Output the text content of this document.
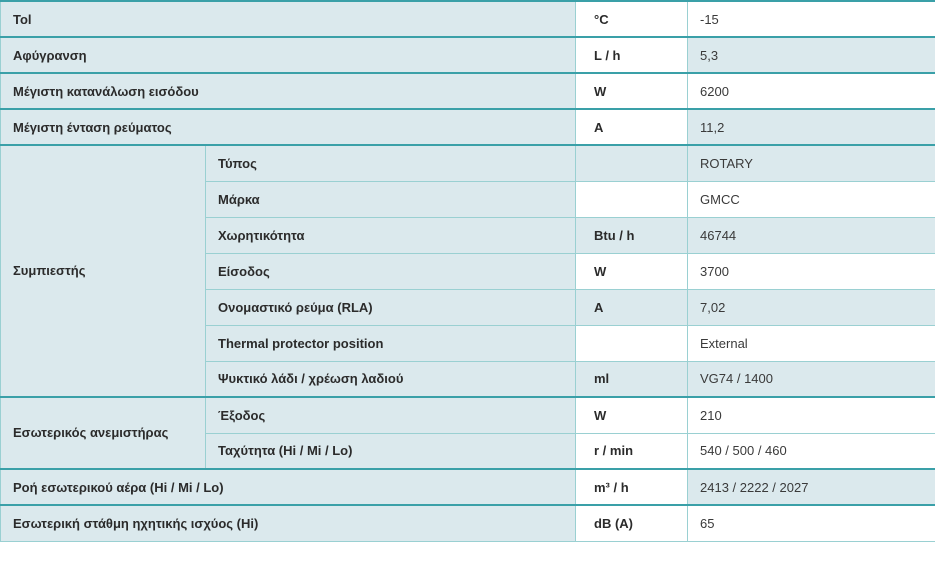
Tol		°C	-15
Αφύγρανση		L / h	5,3
Μέγιστη κατανάλωση εισόδου		W	6200
Μέγιστη ένταση ρεύματος		A	11,2
Συμπιεστής	Τύπος		ROTARY
	Μάρκα		GMCC
	Χωρητικότητα	Btu / h	46744
	Είσοδος	W	3700
	Ονομαστικό ρεύμα (RLA)	A	7,02
	Thermal protector position		External
	Ψυκτικό λάδι / χρέωση λαδιού	ml	VG74 / 1400
Εσωτερικός ανεμιστήρας	Έξοδος	W	210
	Ταχύτητα (Hi / Mi / Lo)	r / min	540 / 500 / 460
Ροή εσωτερικού αέρα (Hi / Mi / Lo)		m³ / h	2413 / 2222 / 2027
Εσωτερική στάθμη ηχητικής ισχύος (Hi)		dB (A)	65
